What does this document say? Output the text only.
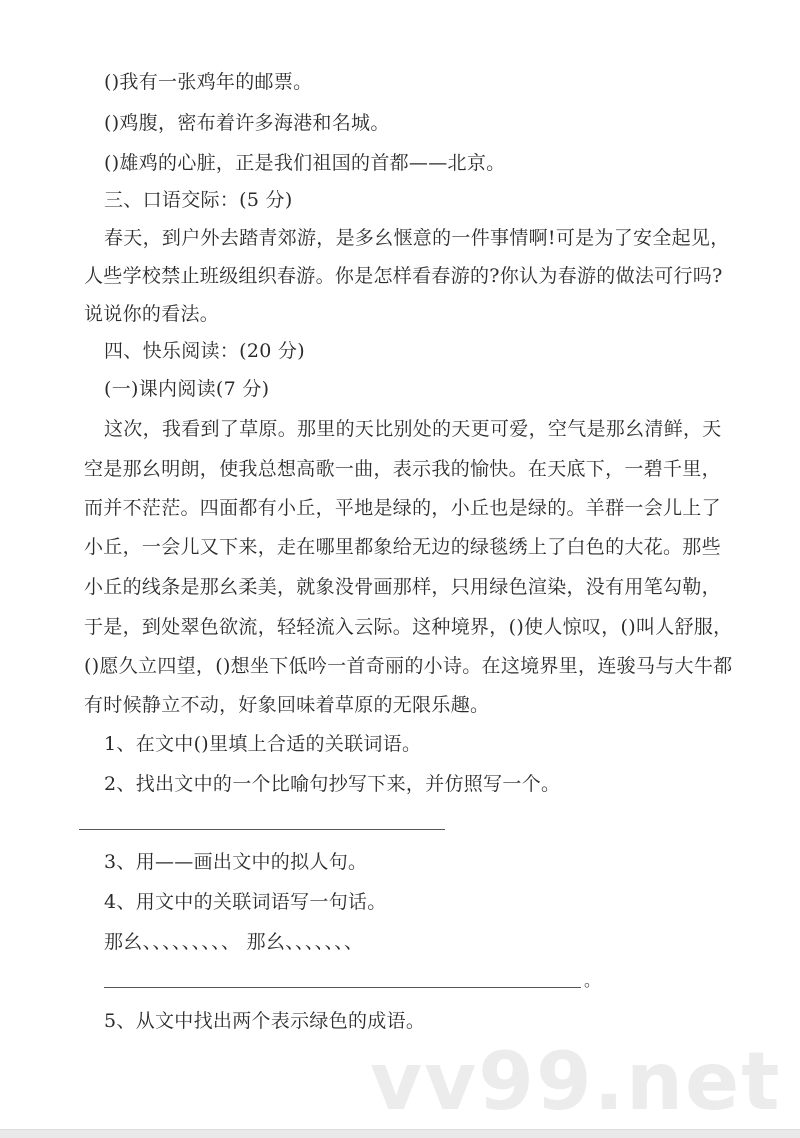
()我有一张鸡年的邮票。
()鸡腹，密布着许多海港和名城。
()雄鸡的心脏，正是我们祖国的首都——北京。
三、口语交际：(5 分)
春天，到户外去踏青郊游，是多幺惬意的一件事情啊!可是为了安全起见，
人些学校禁止班级组织春游。你是怎样看春游的?你认为春游的做法可行吗?
说说你的看法。
四、快乐阅读：(20 分)
(一)课内阅读(7 分)
这次，我看到了草原。那里的天比别处的天更可爱，空气是那幺清鲜，天
空是那幺明朗，使我总想高歌一曲，表示我的愉快。在天底下，一碧千里，
而并不茫茫。四面都有小丘，平地是绿的，小丘也是绿的。羊群一会儿上了
小丘，一会儿又下来，走在哪里都象给无边的绿毯绣上了白色的大花。那些
小丘的线条是那幺柔美，就象没骨画那样，只用绿色渲染，没有用笔勾勒，
于是，到处翠色欲流，轻轻流入云际。这种境界，()使人惊叹，()叫人舒服，
()愿久立四望，()想坐下低吟一首奇丽的小诗。在这境界里，连骏马与大牛都
有时候静立不动，好象回味着草原的无限乐趣。
1、在文中()里填上合适的关联词语。
2、找出文中的一个比喻句抄写下来，并仿照写一个。
3、用——画出文中的拟人句。
4、用文中的关联词语写一句话。
那幺、、、、、、、、、 那幺、、、、、、、
。
5、从文中找出两个表示绿色的成语。
vv99.net
